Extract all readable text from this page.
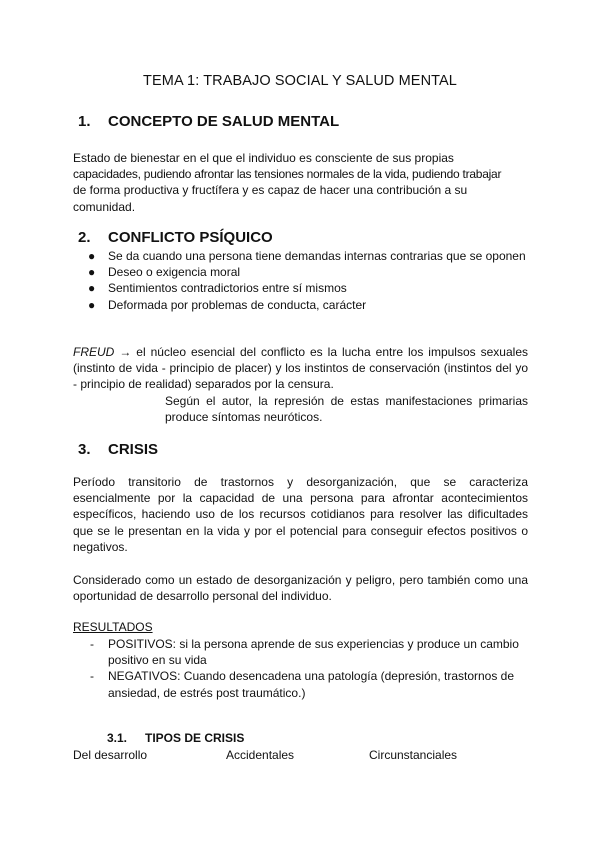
TEMA 1: TRABAJO SOCIAL Y SALUD MENTAL
1. CONCEPTO DE SALUD MENTAL
Estado de bienestar en el que el individuo es consciente de sus propias
capacidades, pudiendo afrontar las tensiones normales de la vida, pudiendo trabajar
de forma productiva y fructífera y es capaz de hacer una contribución a su
comunidad.
2. CONFLICTO PSÍQUICO
● Se da cuando una persona tiene demandas internas contrarias que se oponen
● Deseo o exigencia moral
● Sentimientos contradictorios entre sí mismos
● Deformada por problemas de conducta, carácter
FREUD → el núcleo esencial del conflicto es la lucha entre los impulsos sexuales (instinto de vida - principio de placer) y los instintos de conservación (instintos del yo - principio de realidad) separados por la censura.
Según el autor, la represión de estas manifestaciones primarias produce síntomas neuróticos.
3. CRISIS
Período transitorio de trastornos y desorganización, que se caracteriza esencialmente por la capacidad de una persona para afrontar acontecimientos específicos, haciendo uso de los recursos cotidianos para resolver las dificultades que se le presentan en la vida y por el potencial para conseguir efectos positivos o negativos.
Considerado como un estado de desorganización y peligro, pero también como una oportunidad de desarrollo personal del individuo.
RESULTADOS
- POSITIVOS: si la persona aprende de sus experiencias y produce un cambio positivo en su vida
- NEGATIVOS: Cuando desencadena una patología (depresión, trastornos de ansiedad, de estrés post traumático.)
3.1. TIPOS DE CRISIS
Del desarrollo	Accidentales	Circunstanciales
